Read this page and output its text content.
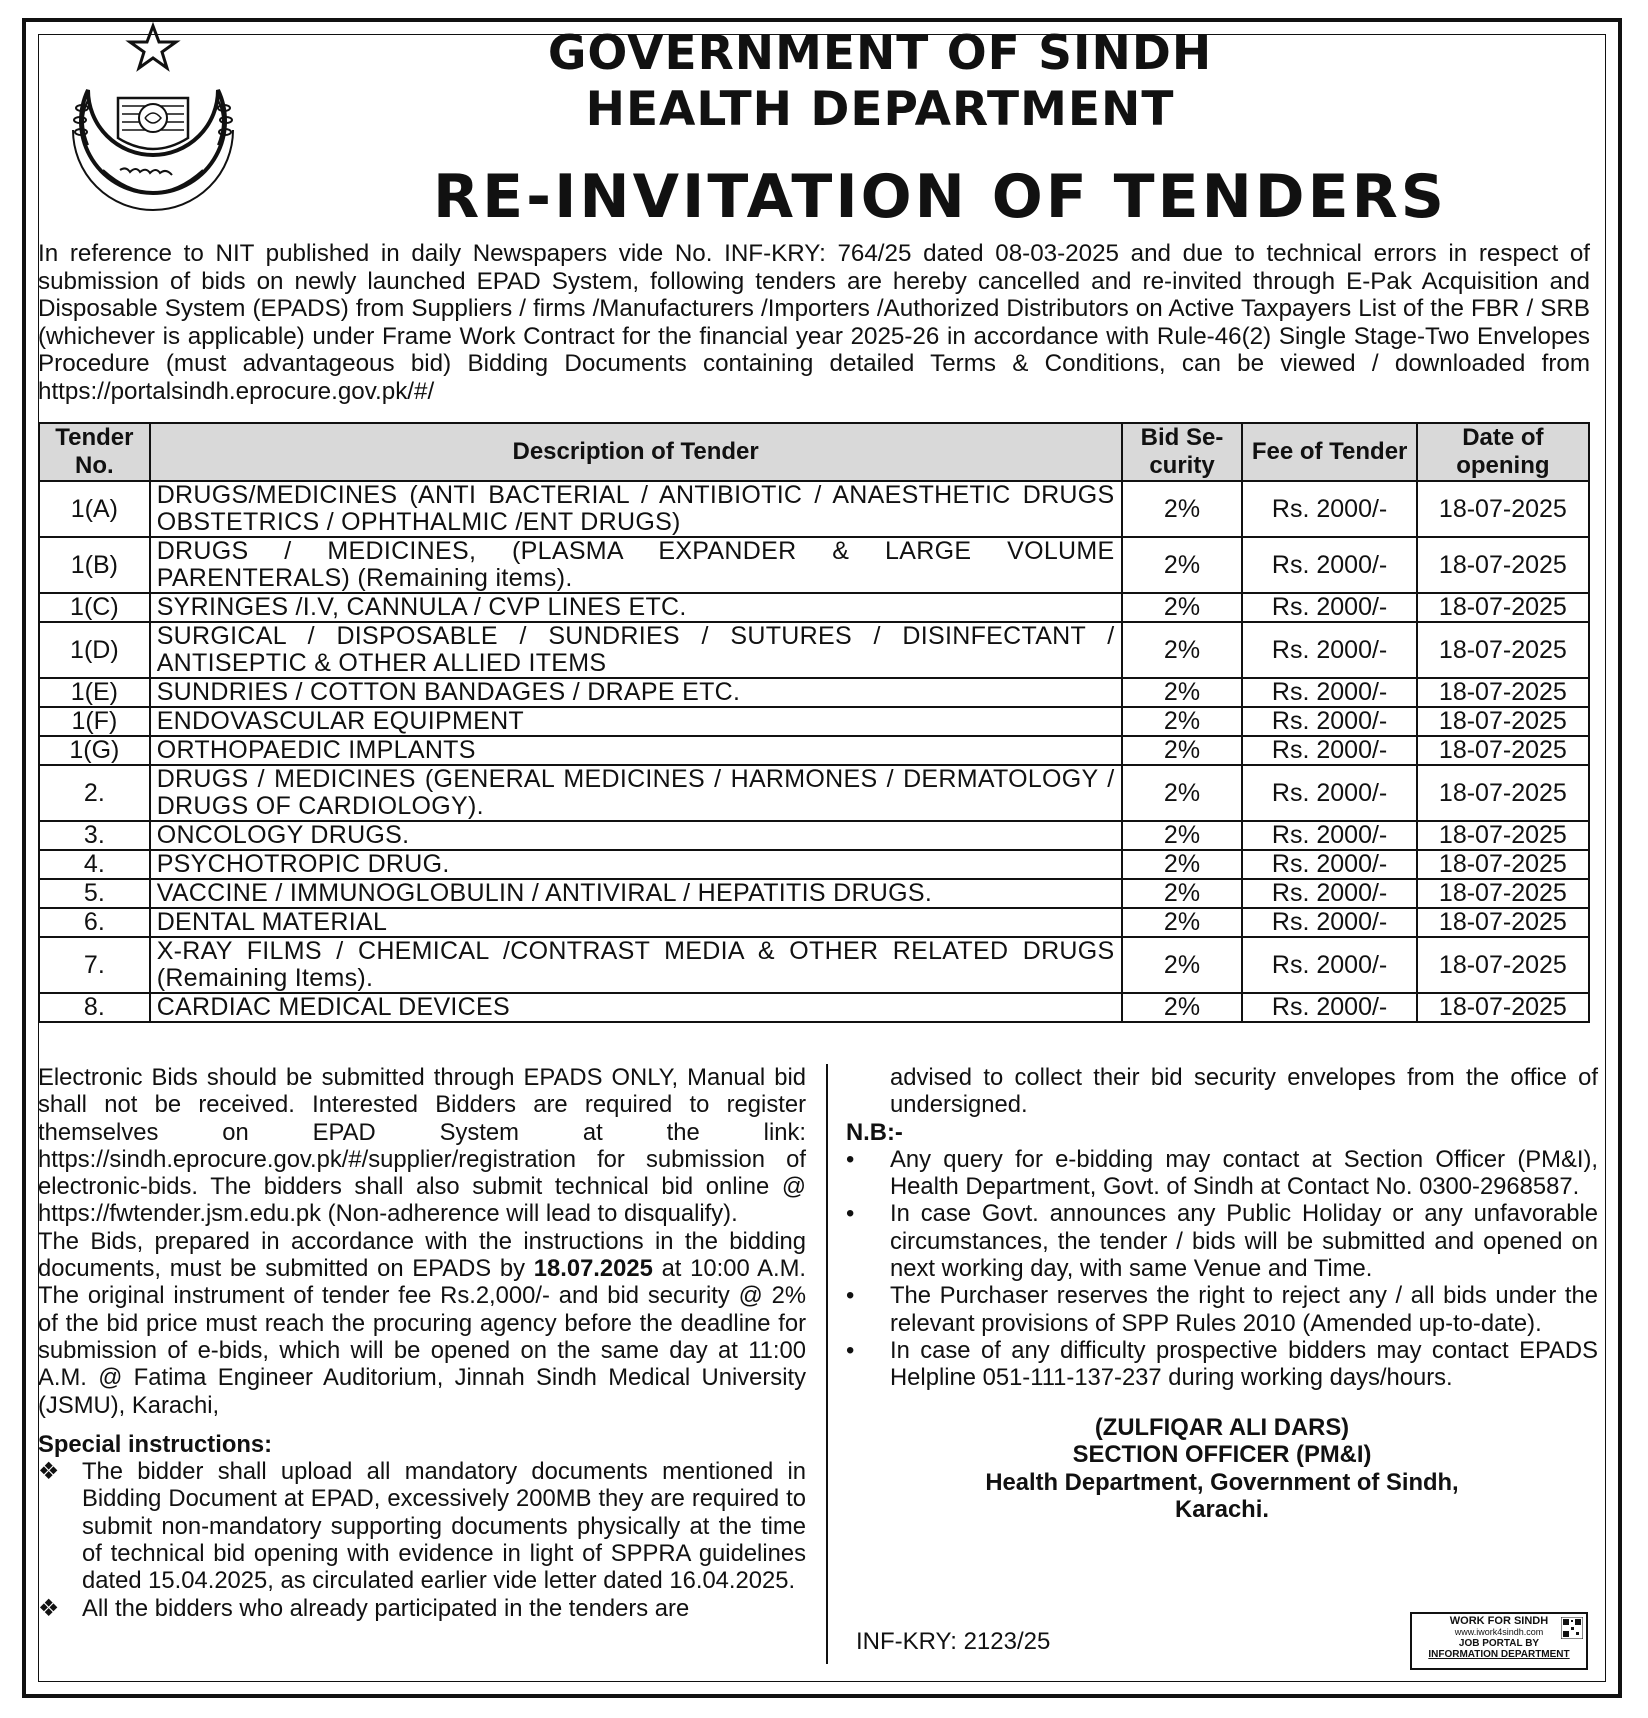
GOVERNMENT OF SINDH
HEALTH DEPARTMENT
RE-INVITATION OF TENDERS
In reference to NIT published in daily Newspapers vide No. INF-KRY: 764/25 dated 08-03-2025 and due to technical errors in respect of submission of bids on newly launched EPAD System, following tenders are hereby cancelled and re-invited through E-Pak Acquisition and Disposable System (EPADS) from Suppliers / firms /Manufacturers /Importers /Authorized Distributors on Active Taxpayers List of the FBR / SRB (whichever is applicable) under Frame Work Contract for the financial year 2025-26 in accordance with Rule-46(2) Single Stage-Two Envelopes Procedure (must advantageous bid) Bidding Documents containing detailed Terms & Conditions, can be viewed / downloaded from https://portalsindh.eprocure.gov.pk/#/
Tender No.	Description of Tender	Bid Se-curity	Fee of Tender	Date of opening
1(A)	DRUGS/MEDICINES (ANTI BACTERIAL / ANTIBIOTIC / ANAESTHETIC DRUGS OBSTETRICS / OPHTHALMIC /ENT DRUGS)	2%	Rs. 2000/-	18-07-2025
1(B)	DRUGS / MEDICINES, (PLASMA EXPANDER & LARGE VOLUME PARENTERALS) (Remaining items).	2%	Rs. 2000/-	18-07-2025
1(C)	SYRINGES /I.V, CANNULA / CVP LINES ETC.	2%	Rs. 2000/-	18-07-2025
1(D)	SURGICAL / DISPOSABLE / SUNDRIES / SUTURES / DISINFECTANT / ANTISEPTIC & OTHER ALLIED ITEMS	2%	Rs. 2000/-	18-07-2025
1(E)	SUNDRIES / COTTON BANDAGES / DRAPE ETC.	2%	Rs. 2000/-	18-07-2025
1(F)	ENDOVASCULAR EQUIPMENT	2%	Rs. 2000/-	18-07-2025
1(G)	ORTHOPAEDIC IMPLANTS	2%	Rs. 2000/-	18-07-2025
2.	DRUGS / MEDICINES (GENERAL MEDICINES / HARMONES / DERMATOLOGY / DRUGS OF CARDIOLOGY).	2%	Rs. 2000/-	18-07-2025
3.	ONCOLOGY DRUGS.	2%	Rs. 2000/-	18-07-2025
4.	PSYCHOTROPIC DRUG.	2%	Rs. 2000/-	18-07-2025
5.	VACCINE / IMMUNOGLOBULIN / ANTIVIRAL / HEPATITIS DRUGS.	2%	Rs. 2000/-	18-07-2025
6.	DENTAL MATERIAL	2%	Rs. 2000/-	18-07-2025
7.	X-RAY FILMS / CHEMICAL /CONTRAST MEDIA & OTHER RELATED DRUGS (Remaining Items).	2%	Rs. 2000/-	18-07-2025
8.	CARDIAC MEDICAL DEVICES	2%	Rs. 2000/-	18-07-2025

Electronic Bids should be submitted through EPADS ONLY, Manual bid shall not be received. Interested Bidders are required to register themselves on EPAD System at the link: https://sindh.eprocure.gov.pk/#/supplier/registration for submission of electronic-bids. The bidders shall also submit technical bid online @ https://fwtender.jsm.edu.pk (Non-adherence will lead to disqualify).

The Bids, prepared in accordance with the instructions in the bidding documents, must be submitted on EPADS by 18.07.2025 at 10:00 A.M. The original instrument of tender fee Rs.2,000/- and bid security @ 2% of the bid price must reach the procuring agency before the deadline for submission of e-bids, which will be opened on the same day at 11:00 A.M. @ Fatima Engineer Auditorium, Jinnah Sindh Medical University (JSMU), Karachi,

Special instructions:

❖ The bidder shall upload all mandatory documents mentioned in Bidding Document at EPAD, excessively 200MB they are required to submit non-mandatory supporting documents physically at the time of technical bid opening with evidence in light of SPPRA guidelines dated 15.04.2025, as circulated earlier vide letter dated 16.04.2025.
❖ All the bidders who already participated in the tenders are
advised to collect their bid security envelopes from the office of undersigned.

N.B:-

•	Any query for e-bidding may contact at Section Officer (PM&I), Health Department, Govt. of Sindh at Contact No. 0300-2968587.
•	In case Govt. announces any Public Holiday or any unfavorable circumstances, the tender / bids will be submitted and opened on next working day, with same Venue and Time.
•	The Purchaser reserves the right to reject any / all bids under the relevant provisions of SPP Rules 2010 (Amended up-to-date).
•	In case of any difficulty prospective bidders may contact EPADS Helpline 051-111-137-237 during working days/hours.
(ZULFIQAR ALI DARS)
SECTION OFFICER (PM&I)
Health Department, Government of Sindh,
Karachi.
INF-KRY: 2123/25
WORK FOR SINDH
www.iwork4sindh.com
JOB PORTAL BY
INFORMATION DEPARTMENT
